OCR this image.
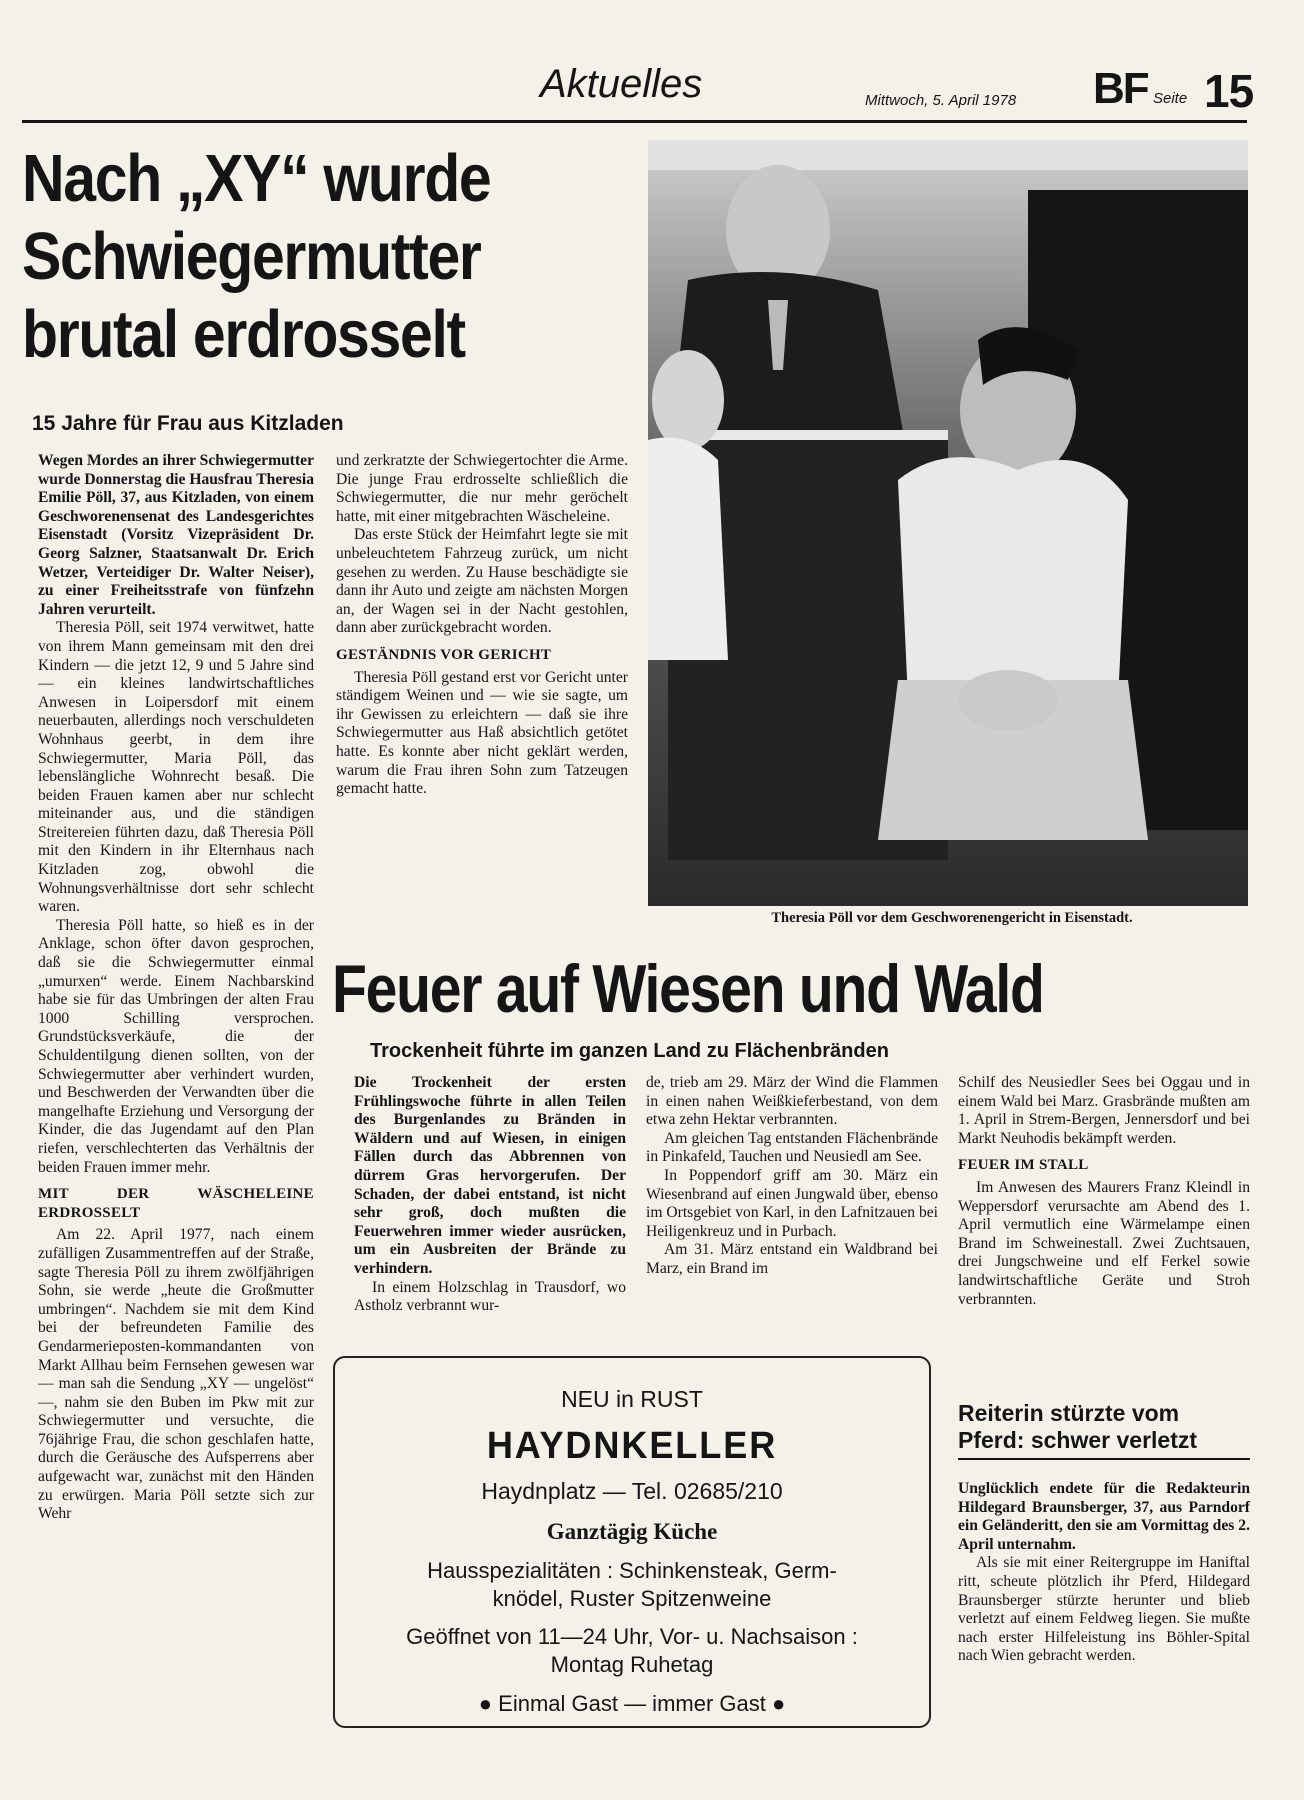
Aktuelles	Mittwoch, 5. April 1978 BF Seite 15
Nach „XY“ wurde
Schwiegermutter
brutal erdrosselt
15 Jahre für Frau aus Kitzladen

Wegen Mordes an ihrer Schwiegermutter wurde Donnerstag die Hausfrau Theresia Emilie Pöll, 37, aus Kitzladen, von einem Geschworenensenat des Landesgerichtes Eisenstadt (Vorsitz Vizepräsident Dr. Georg Salzner, Staatsanwalt Dr. Erich Wetzer, Verteidiger Dr. Walter Neiser), zu einer Freiheitsstrafe von fünfzehn Jahren verurteilt.

Theresia Pöll, seit 1974 verwitwet, hatte von ihrem Mann gemeinsam mit den drei Kindern — die jetzt 12, 9 und 5 Jahre sind — ein kleines landwirtschaftliches Anwesen in Loipersdorf mit einem neuerbauten, allerdings noch verschuldeten Wohnhaus geerbt, in dem ihre Schwiegermutter, Maria Pöll, das lebenslängliche Wohnrecht besaß. Die beiden Frauen kamen aber nur schlecht miteinander aus, und die ständigen Streitereien führten dazu, daß Theresia Pöll mit den Kindern in ihr Elternhaus nach Kitzladen zog, obwohl die Wohnungsverhältnisse dort sehr schlecht waren.

Theresia Pöll hatte, so hieß es in der Anklage, schon öfter davon gesprochen, daß sie die Schwiegermutter einmal „umurxen“ werde. Einem Nachbarskind habe sie für das Umbringen der alten Frau 1000 Schilling versprochen. Grundstücksverkäufe, die der Schuldentilgung dienen sollten, von der Schwiegermutter aber verhindert wurden, und Beschwerden der Verwandten über die mangelhafte Erziehung und Versorgung der Kinder, die das Jugendamt auf den Plan riefen, verschlechterten das Verhältnis der beiden Frauen immer mehr.

MIT DER WÄSCHELEINE ERDROSSELT

Am 22. April 1977, nach einem zufälligen Zusammentreffen auf der Straße, sagte Theresia Pöll zu ihrem zwölfjährigen Sohn, sie werde „heute die Großmutter umbringen“. Nachdem sie mit dem Kind bei der befreundeten Familie des Gendarmerieposten-kommandanten von Markt Allhau beim Fernsehen gewesen war — man sah die Sendung „XY — ungelöst“ —, nahm sie den Buben im Pkw mit zur Schwiegermutter und versuchte, die 76jährige Frau, die schon geschlafen hatte, durch die Geräusche des Aufsperrens aber aufgewacht war, zunächst mit den Händen zu erwürgen. Maria Pöll setzte sich zur Wehr

und zerkratzte der Schwiegertochter die Arme. Die junge Frau erdrosselte schließlich die Schwiegermutter, die nur mehr geröchelt hatte, mit einer mitgebrachten Wäscheleine.

Das erste Stück der Heimfahrt legte sie mit unbeleuchtetem Fahrzeug zurück, um nicht gesehen zu werden. Zu Hause beschädigte sie dann ihr Auto und zeigte am nächsten Morgen an, der Wagen sei in der Nacht gestohlen, dann aber zurückgebracht worden.

GESTÄNDNIS VOR GERICHT

Theresia Pöll gestand erst vor Gericht unter ständigem Weinen und — wie sie sagte, um ihr Gewissen zu erleichtern — daß sie ihre Schwiegermutter aus Haß absichtlich getötet hatte. Es konnte aber nicht geklärt werden, warum die Frau ihren Sohn zum Tatzeugen gemacht hatte.

Theresia Pöll vor dem Geschworenengericht in Eisenstadt.
Feuer auf Wiesen und Wald
Trockenheit führte im ganzen Land zu Flächenbränden

Die Trockenheit der ersten Frühlingswoche führte in allen Teilen des Burgenlandes zu Bränden in Wäldern und auf Wiesen, in einigen Fällen durch das Abbrennen von dürrem Gras hervorgerufen. Der Schaden, der dabei entstand, ist nicht sehr groß, doch mußten die Feuerwehren immer wieder ausrücken, um ein Ausbreiten der Brände zu verhindern.

In einem Holzschlag in Trausdorf, wo Astholz verbrannt wur-

de, trieb am 29. März der Wind die Flammen in einen nahen Weißkieferbestand, von dem etwa zehn Hektar verbrannten.

Am gleichen Tag entstanden Flächenbrände in Pinkafeld, Tauchen und Neusiedl am See.

In Poppendorf griff am 30. März ein Wiesenbrand auf einen Jungwald über, ebenso im Ortsgebiet von Karl, in den Lafnitzauen bei Heiligenkreuz und in Purbach.

Am 31. März entstand ein Waldbrand bei Marz, ein Brand im

Schilf des Neusiedler Sees bei Oggau und in einem Wald bei Marz. Grasbrände mußten am 1. April in Strem-Bergen, Jennersdorf und bei Markt Neuhodis bekämpft werden.

FEUER IM STALL

Im Anwesen des Maurers Franz Kleindl in Weppersdorf verursachte am Abend des 1. April vermutlich eine Wärmelampe einen Brand im Schweinestall. Zwei Zuchtsauen, drei Jungschweine und elf Ferkel sowie landwirtschaftliche Geräte und Stroh verbrannten.

NEU in RUST
HAYDNKELLER
Haydnplatz — Tel. 02685/210
Ganztägig Küche
Hausspezialitäten : Schinkensteak, Germ-
knödel, Ruster Spitzenweine
Geöffnet von 11—24 Uhr, Vor- u. Nachsaison :
Montag Ruhetag
● Einmal Gast — immer Gast ●
Reiterin stürzte vom
Pferd: schwer verletzt

Unglücklich endete für die Redakteurin Hildegard Braunsberger, 37, aus Parndorf ein Geländeritt, den sie am Vormittag des 2. April unternahm.

Als sie mit einer Reitergruppe im Haniftal ritt, scheute plötzlich ihr Pferd, Hildegard Braunsberger stürzte herunter und blieb verletzt auf einem Feldweg liegen. Sie mußte nach erster Hilfeleistung ins Böhler-Spital nach Wien gebracht werden.
